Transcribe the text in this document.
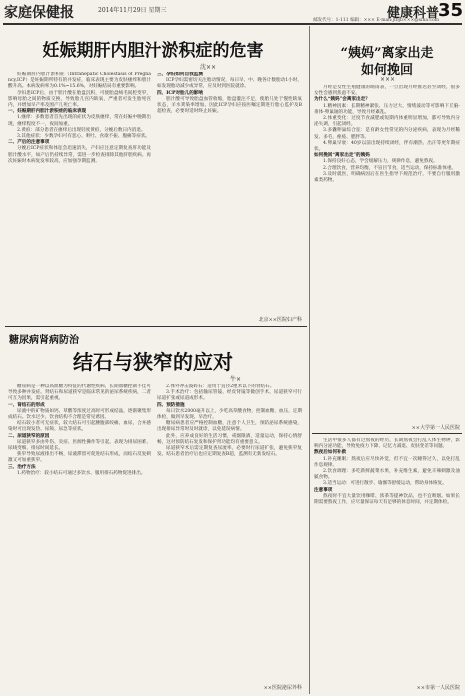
家庭保健报	2014年11月29日 星期三	健康科普
35
邮发代号：1-111 编辑：××× E-mail:jtbjb×××@sina.com
妊娠期肝内胆汁淤积症的危害
沈××

妊娠期肝内胆汁淤积症（Intrahepatic Cholestasis of Pregnancy,ICP）是妊娠期所特有的并发症，临床表现主要为皮肤瘙痒和胆汁酸升高。本病发病率为0.1%~15.6%，对妊娠结局有重要影响。

孕妇患ICP后，由于胆汁酸在胎盘沉积，可使胎盘绒毛间腔变窄，影响母胎之间的物质交换，导致胎儿宫内缺氧，严重者可发生胎死宫内，并增加早产率及围产儿死亡率。

一、妊娠期肝内胆汁淤积症的临床表现

1.瘙痒：多数患者首先出现的症状为皮肤瘙痒，常在妊娠中晚期出现，瘙痒程度不一，夜间加重。

2.黄疸：部分患者在瘙痒后出现轻度黄疸，分娩后数日内消退。

3.其他症状：少数孕妇可有恶心、呕吐、食欲不振、腹痛等症状。

二、产后的注意事项

分娩后ICP症状和体征会迅速消失，产妇应注意定期复查肝功能及胆汁酸水平，如产后仍持续异常，需进一步检查排除其他肝胆疾病。再次妊娠时本病复发率较高，应加强孕期监测。

三、孕妇如何自我监测

ICP孕妇需密切关注胎动情况，每日早、中、晚各计数胎动1小时，如发现胎动减少或异常，应及时到医院就诊。

四、ICP对胎儿的影响

胆汁酸可导致胎盘血管收缩，胎盘灌注不足，使胎儿处于慢性缺氧状态，羊水粪染率增加。因此ICP孕妇应按医嘱定期进行胎心监护及B超检查，必要时适时终止妊娠。

北京××医院妇产科
糖尿病肾病防治
结石与狭窄的应对
牛×

糖尿病是一种以高血糖为特征的代谢性疾病，长期血糖控制不佳可导致多种并发症。肾结石和尿道狭窄是临床常见的泌尿系统疾病，二者可互为因果，需引起重视。

一、肾结石的形成

尿液中的矿物质如钙、草酸等浓度过高时可形成结晶，逐渐聚集形成结石。饮水过少、饮食结构不合理是常见诱因。

结石较小者可无症状，较大结石可引起腰腹部绞痛、血尿，合并感染时可出现发热、尿频、尿急等症状。

二、尿道狭窄的原因

尿道狭窄多由外伤、炎症、医源性操作等引起，表现为排尿困难、尿线变细、排尿时间延长。

狭窄导致尿液排出不畅，尿液滞留可促进结石形成，而结石反复刺激又可加重狭窄。

三、治疗方法

1.药物治疗：较小结石可通过多饮水、服用排石药物促进排出。

2.体外冲击波碎石：适用于直径2厘米以下的肾结石。

3.手术治疗：包括输尿管镜、经皮肾镜等微创手术，尿道狭窄可行尿道扩张或尿道成形术。

四、预防措施

每日饮水2000毫升以上，少吃高草酸食物，控制血糖、血压，定期体检，做到早发现、早治疗。

糖尿病患者应严格控制血糖，注意个人卫生，预防泌尿系统感染，出现排尿异常时及时就诊，以免延误病情。

此外，应养成良好的生活习惯，戒烟限酒，适量运动，保持心情舒畅，这对预防结石复发和保护肾功能均有重要意义。

尿道狭窄术后需定期复查尿流率，必要时行尿道扩张，避免狭窄复发。结石患者治疗后也应定期复查B超，监测有无新发结石。

××医院泌尿外科
“姨妈”离家出走
如何挽回
×××

月经是女性生殖健康的晴雨表，一旦出现月经推迟甚至闭经，很多女性会感到焦虑不安。

为什么“姨妈”会离家出走？

1.精神因素：长期精神紧张、压力过大、情绪波动等可影响下丘脑-垂体-卵巢轴的功能，导致月经紊乱。

2.体重变化：过度节食减肥或短期内体重明显增加，都可导致内分泌失调，引起闭经。

3.多囊卵巢综合征：是育龄女性常见的内分泌疾病，表现为月经稀发、多毛、痤疮、肥胖等。

4.卵巢早衰：40岁以前出现持续闭经，伴有潮热、出汗等更年期症状。

如何挽回“离家出走”的姨妈

1.保持良好心态，学会缓解压力，规律作息，避免熬夜。

2.合理饮食，营养均衡，不盲目节食，适当运动，保持标准体重。

3.及时就医，明确病因后在医生指导下规范治疗，不要自行服用激素类药物。

××大学第一人民医院

生活中很多人都有过熬夜的经历，长期熬夜会打乱人体生物钟，影响内分泌功能，导致免疫力下降、记忆力减退、皮肤变差等问题。

熬夜后如何补救

1.补充睡眠：熬夜后应尽快补觉，但不宜一次睡得过久，以免打乱作息规律。

2.饮食调理：多吃新鲜蔬菜水果，补充维生素，避免辛辣刺激及油腻食物。

3.适当运动：可进行散步、瑜伽等舒缓运动，帮助身体恢复。

注意事项

熬夜时不宜大量饮用咖啡、浓茶等提神饮品，也不宜吸烟。如果长期需要熬夜工作，应尽量保证每天有足够的休息时间，并定期体检。

××市第一人民医院
